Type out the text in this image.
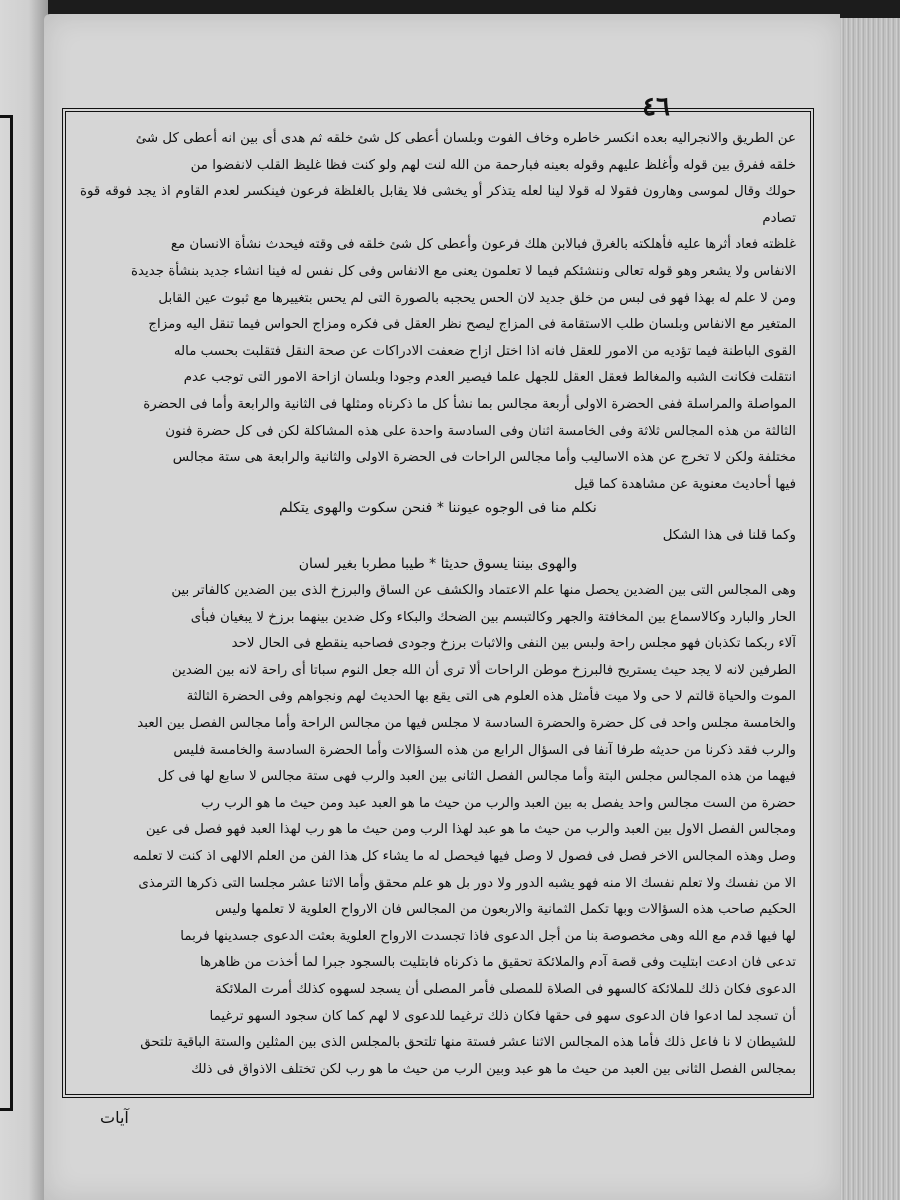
٤٦

عن الطريق والانجراليه بعده انكسر خاطره وخاف الفوت وبلسان أعطى كل شئ خلقه ثم هدى أى بين انه أعطى كل شئ
خلقه ففرق بين قوله وأغلظ عليهم وقوله بعينه فبارحمة من الله لنت لهم ولو كنت فظا غليظ القلب لانفضوا من
حولك وقال لموسى وهارون فقولا له قولا لينا لعله يتذكر أو يخشى فلا يقابل بالغلظة فرعون فينكسر لعدم القاوم اذ يجد فوقه قوة تصادم
غلظته فعاد أثرها عليه فأهلكته بالغرق فبالابن هلك فرعون وأعطى كل شئ خلقه فى وقته فيحدث نشأة الانسان مع
الانفاس ولا يشعر وهو قوله تعالى وننشئكم فيما لا تعلمون يعنى مع الانفاس وفى كل نفس له فينا انشاء جديد بنشأة جديدة
ومن لا علم له بهذا فهو فى لبس من خلق جديد لان الحس يحجبه بالصورة التى لم يحس بتغييرها مع ثبوت عين القابل
المتغير مع الانفاس وبلسان طلب الاستقامة فى المزاج ليصح نظر العقل فى فكره ومزاج الحواس فيما تنقل اليه ومزاج
القوى الباطنة فيما تؤديه من الامور للعقل فانه اذا اختل ازاح ضعفت الادراكات عن صحة النقل فتقلبت بحسب ماله
انتقلت فكانت الشبه والمغالط فعقل العقل للجهل علما فيصير العدم وجودا وبلسان ازاحة الامور التى توجب عدم
المواصلة والمراسلة ففى الحضرة الاولى أربعة مجالس بما نشأ كل ما ذكرناه ومثلها فى الثانية والرابعة وأما فى الحضرة
الثالثة من هذه المجالس ثلاثة وفى الخامسة اثنان وفى السادسة واحدة على هذه المشاكلة لكن فى كل حضرة فنون
مختلفة ولكن لا تخرج عن هذه الاساليب وأما مجالس الراحات فى الحضرة الاولى والثانية والرابعة هى ستة مجالس
فيها أحاديث معنوية عن مشاهدة كما قيل

نكلم منا فى الوجوه عيوننا * فنحن سكوت والهوى يتكلم

وكما قلنا فى هذا الشكل

والهوى بيننا يسوق حديثا * طيبا مطربا بغير لسان

وهى المجالس التى بين الضدين يحصل منها علم الاعتماد والكشف عن الساق والبرزخ الذى بين الضدين كالفاتر بين
الحار والبارد وكالاسماع بين المخافتة والجهر وكالتبسم بين الضحك والبكاء وكل ضدين بينهما برزخ لا يبغيان فبأى
آلاء ربكما تكذبان فهو مجلس راحة ولبس بين النفى والاثبات برزخ وجودى فصاحبه ينقطع فى الحال لاحد
الطرفين لانه لا يجد حيث يستريح فالبرزخ موطن الراحات ألا ترى أن الله جعل النوم سباتا أى راحة لانه بين الضدين
الموت والحياة قالتم لا حى ولا ميت فأمثل هذه العلوم هى التى يقع بها الحديث لهم ونجواهم وفى الحضرة الثالثة
والخامسة مجلس واحد فى كل حضرة والحضرة السادسة لا مجلس فيها من مجالس الراحة وأما مجالس الفصل بين العبد
والرب فقد ذكرنا من حديثه طرفا آنفا فى السؤال الرابع من هذه السؤالات وأما الحضرة السادسة والخامسة فليس
فيهما من هذه المجالس مجلس البتة وأما مجالس الفصل الثانى بين العبد والرب فهى ستة مجالس لا سابع لها فى كل
حضرة من الست مجالس واحد يفصل به بين العبد والرب من حيث ما هو العبد عبد ومن حيث ما هو الرب رب
ومجالس الفصل الاول بين العبد والرب من حيث ما هو عبد لهذا الرب ومن حيث ما هو رب لهذا العبد فهو فصل فى عين
وصل وهذه المجالس الاخر فصل فى فصول لا وصل فيها فيحصل له ما يشاء كل هذا الفن من العلم الالهى اذ كنت لا تعلمه
الا من نفسك ولا تعلم نفسك الا منه فهو يشبه الدور ولا دور بل هو علم محقق وأما الاثنا عشر مجلسا التى ذكرها الترمذى
الحكيم صاحب هذه السؤالات وبها تكمل الثمانية والاربعون من المجالس فان الارواح العلوية لا تعلمها وليس
لها فيها قدم مع الله وهى مخصوصة بنا من أجل الدعوى فاذا تجسدت الارواح العلوية بعثت الدعوى جسدينها فربما
تدعى فان ادعت ابتليت وفى قصة آدم والملائكة تحقيق ما ذكرناه فابتليت بالسجود جبرا لما أخذت من ظاهرها
الدعوى فكان ذلك للملائكة كالسهو فى الصلاة للمصلى فأمر المصلى أن يسجد لسهوه كذلك أمرت الملائكة
أن تسجد لما ادعوا فان الدعوى سهو فى حقها فكان ذلك ترغيما للدعوى لا لهم كما كان سجود السهو ترغيما
للشيطان لا نا فاعل ذلك فأما هذه المجالس الاثنا عشر فستة منها تلتحق بالمجلس الذى بين المثلين والستة الباقية تلتحق
بمجالس الفصل الثانى بين العبد من حيث ما هو عبد وبين الرب من حيث ما هو رب لكن تختلف الاذواق فى ذلك

آيات
